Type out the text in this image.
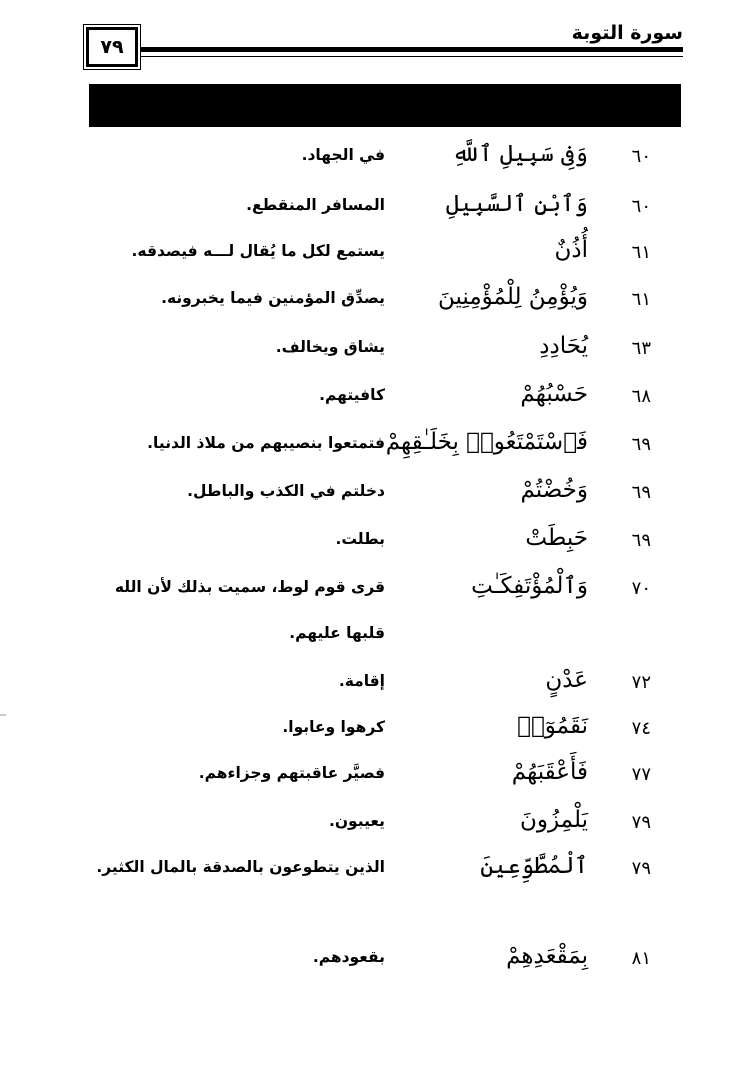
سورة التوبة
٧٩
٦٠
وَفِى سَبِيلِ ٱللَّهِ
في الجهاد.
٦٠
وَٱبْنِ ٱلسَّبِيلِ
المسافر المنقطع.
٦١
أُذُنٌ
يستمع لكل ما يُقال لـــه فيصدقه.
٦١
وَيُؤْمِنُ لِلْمُؤْمِنِينَ
يصدِّق المؤمنين فيما يخبرونه.
٦٣
يُحَادِدِ
يشاق ويخالف.
٦٨
حَسْبُهُمْ
كافيتهم.
٦٩
فَٱسْتَمْتَعُوا۟ بِخَلَـٰقِهِمْ
فتمتعوا بنصيبهم من ملاذ الدنيا.
٦٩
وَخُضْتُمْ
دخلتم في الكذب والباطل.
٦٩
حَبِطَتْ
بطلت.
٧٠
وَٱلْمُؤْتَفِكَـٰتِ
قرى قوم لوط، سميت بذلك لأن الله قلبها عليهم.
٧٢
عَدْنٍ
إقامة.
٧٤
نَقَمُوٓا۟
كرهوا وعابوا.
٧٧
فَأَعْقَبَهُمْ
فصيَّر عاقبتهم وجزاءهم.
٧٩
يَلْمِزُونَ
يعيبون.
٧٩
ٱلْمُطَّوِّعِينَ
الذين يتطوعون بالصدقة بالمال الكثير.
٨١
بِمَقْعَدِهِمْ
بقعودهم.
